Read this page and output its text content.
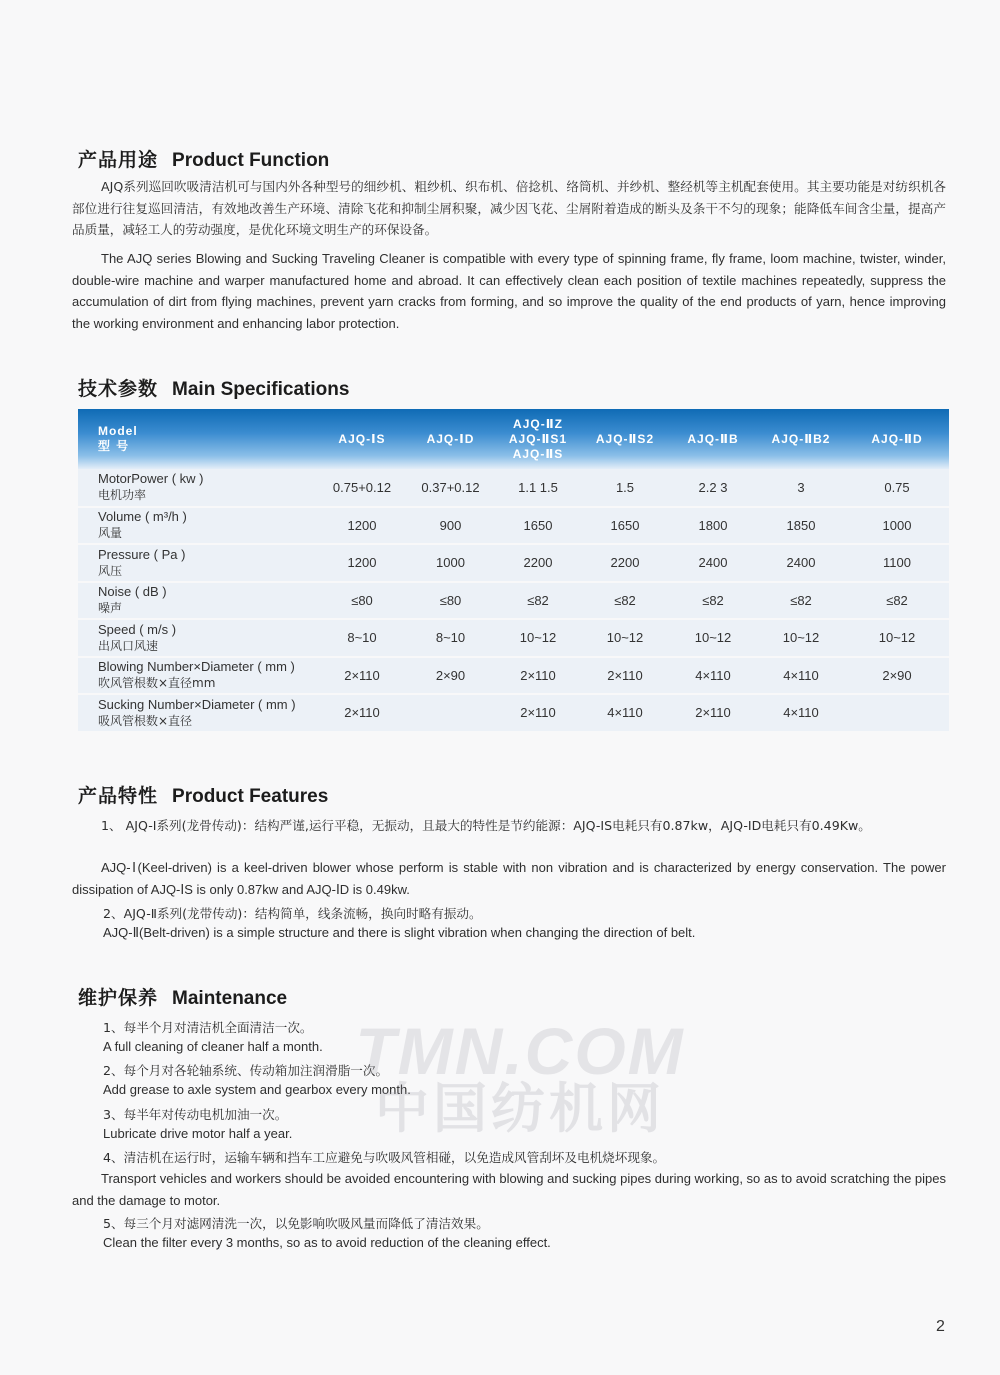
产品用途 Product Function

AJQ系列巡回吹吸清洁机可与国内外各种型号的细纱机、粗纱机、织布机、倍捻机、络筒机、并纱机、整经机等主机配套使用。其主要功能是对纺织机各部位进行往复巡回清洁，有效地改善生产环境、清除飞花和抑制尘屑积聚，减少因飞花、尘屑附着造成的断头及条干不匀的现象；能降低车间含尘量，提高产品质量，减轻工人的劳动强度，是优化环境文明生产的环保设备。

The AJQ series Blowing and Sucking Traveling Cleaner is compatible with every type of spinning frame, fly frame, loom machine, twister, winder, double-wire machine and warper manufactured home and abroad. It can effectively clean each position of textile machines repeatedly, suppress the accumulation of dirt from flying machines, prevent yarn cracks from forming, and so improve the quality of the end products of yarn, hence improving the working environment and enhancing labor protection.

技术参数 Main Specifications
Model
型 号	AJQ-ⅠS	AJQ-ⅠD	AJQ-ⅡZ
AJQ-ⅡS1
AJQ-ⅡS	AJQ-ⅡS2	AJQ-ⅡB	AJQ-ⅡB2	AJQ-ⅡD

MotorPower ( kw )
电机功率	0.75+0.12	0.37+0.12	1.1 1.5	1.5	2.2 3	3	0.75

Volume ( m³/h )
风量	1200	900	1650	1650	1800	1850	1000

Pressure ( Pa )
风压	1200	1000	2200	2200	2400	2400	1100

Noise ( dB )
噪声	≤80	≤80	≤82	≤82	≤82	≤82	≤82

Speed ( m/s )
出风口风速	8~10	8~10	10~12	10~12	10~12	10~12	10~12

Blowing Number×Diameter ( mm )
吹风管根数×直径mm	2×110	2×90	2×110	2×110	4×110	4×110	2×90

Sucking Number×Diameter ( mm )
吸风管根数×直径	2×110		2×110	4×110	2×110	4×110	
产品特性 Product Features

1、 AJQ-Ⅰ系列(龙骨传动)：结构严谨,运行平稳，无振动，且最大的特性是节约能源：AJQ-ⅠS电耗只有0.87kw，AJQ-ⅠD电耗只有0.49Kw。

AJQ-Ⅰ(Keel-driven) is a keel-driven blower whose perform is stable with non vibration and is characterized by energy conservation. The power dissipation of AJQ-ⅠS is only 0.87kw and AJQ-ⅠD is 0.49kw.

2、AJQ-Ⅱ系列(龙带传动)：结构简单，线条流畅，换向时略有振动。

AJQ-Ⅱ(Belt-driven) is a simple structure and there is slight vibration when changing the direction of belt.

维护保养 Maintenance

1、每半个月对清洁机全面清洁一次。

A full cleaning of cleaner half a month.

2、每个月对各轮轴系统、传动箱加注润滑脂一次。

Add grease to axle system and gearbox every month.

3、每半年对传动电机加油一次。

Lubricate drive motor half a year.

4、清洁机在运行时，运输车辆和挡车工应避免与吹吸风管相碰，以免造成风管刮坏及电机烧坏现象。

Transport vehicles and workers should be avoided encountering with blowing and sucking pipes during working, so as to avoid scratching the pipes and the damage to motor.

5、每三个月对滤网清洗一次，以免影响吹吸风量而降低了清洁效果。

Clean the filter every 3 months, so as to avoid reduction of the cleaning effect.

TMN.COM
中国纺机网
2
